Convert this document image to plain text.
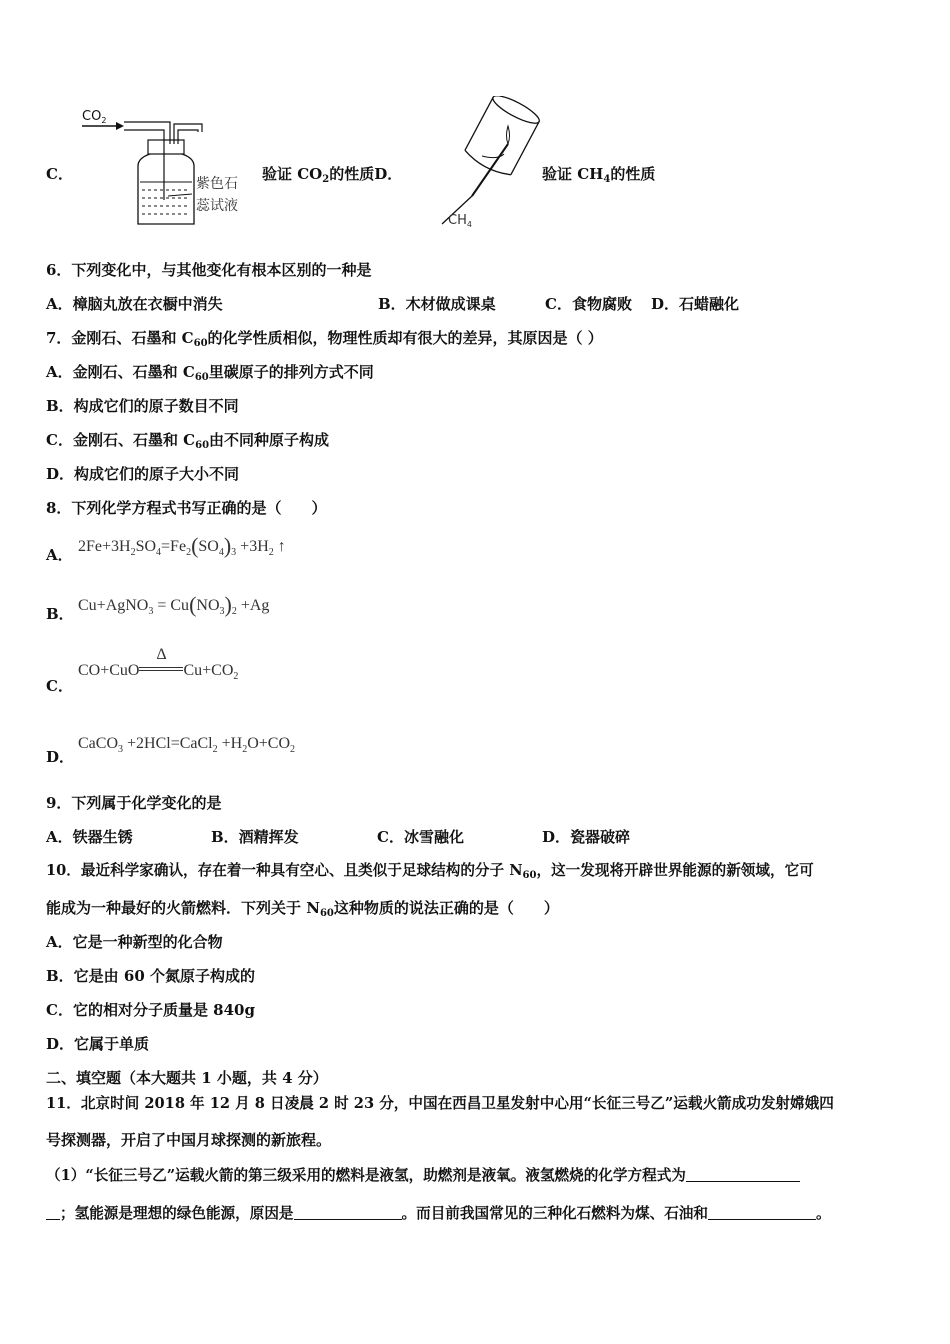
C．
$CO_2$
紫色石
蕊试液
验证 $CO_2$的性质D．
$CH_4$
验证 $CH_4$的性质
6．下列变化中，与其他变化有根本区别的一种是
A．樟脑丸放在衣橱中消失	B．木材做成课桌	C．食物腐败 D．石蜡融化
7．金刚石、石墨和 $C_{60}$的化学性质相似，物理性质却有很大的差异，其原因是（ ）
A．金刚石、石墨和 $C_{60}$里碳原子的排列方式不同
B．构成它们的原子数目不同
C．金刚石、石墨和 $C_{60}$由不同种原子构成
D．构成它们的原子大小不同
8．下列化学方程式书写正确的是（　　）
A． $2Fe+3H_2SO_4=Fe_2(SO_4)_3 +3H_2$ ↑
B． Cu+AgNO$_3$ = $Cu(NO_3)_2 +Ag$
C．
CO+CuO
Δ
$Cu+CO_2$
D．
CaCO$_3$ +2HCl=CaCl$_2$ $+H_2O+CO_2$
9．下列属于化学变化的是
A．铁器生锈	B．酒精挥发	C．冰雪融化	D．瓷器破碎
10．最近科学家确认，存在着一种具有空心、且类似于足球结构的分子 $N_{60}$，这一发现将开辟世界能源的新领域，它可
能成为一种最好的火箭燃料．下列关于 $N_{60}$这种物质的说法正确的是（　　）
A．它是一种新型的化合物
B．它是由 60 个氮原子构成的
C．它的相对分子质量是 840g
D．它属于单质
二、填空题（本大题共 1 小题，共 4 分）
11．北京时间 2018 年 12 月 8 日凌晨 2 时 23 分，中国在西昌卫星发射中心用“长征三号乙”运载火箭成功发射嫦娥四
号探测器，开启了中国月球探测的新旅程。
（1）“长征三号乙”运载火箭的第三级采用的燃料是液氢，助燃剂是液氧。液氢燃烧的化学方程式为
；氢能源是理想的绿色能源，原因是	。而目前我国常见的三种化石燃料为煤、石油和	。
